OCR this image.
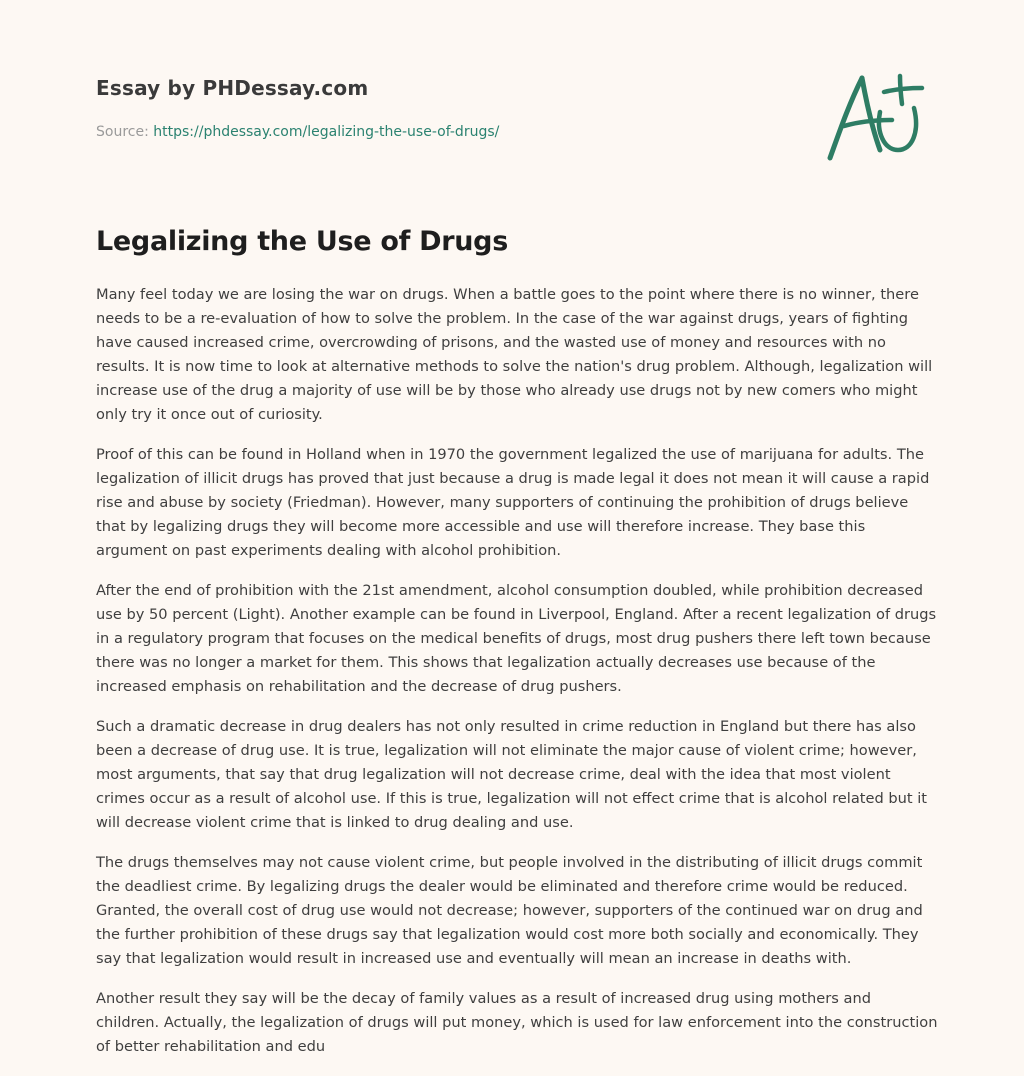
Essay by PHDessay.com

Source: https://phdessay.com/legalizing-the-use-of-drugs/
Legalizing the Use of Drugs

Many feel today we are losing the war on drugs. When a battle goes to the point where there is no winner, there needs to be a re-evaluation of how to solve the problem. In the case of the war against drugs, years of fighting have caused increased crime, overcrowding of prisons, and the wasted use of money and resources with no results. It is now time to look at alternative methods to solve the nation's drug problem. Although, legalization will increase use of the drug a majority of use will be by those who already use drugs not by new comers who might only try it once out of curiosity.

Proof of this can be found in Holland when in 1970 the government legalized the use of marijuana for adults. The legalization of illicit drugs has proved that just because a drug is made legal it does not mean it will cause a rapid rise and abuse by society (Friedman). However, many supporters of continuing the prohibition of drugs believe that by legalizing drugs they will become more accessible and use will therefore increase. They base this argument on past experiments dealing with alcohol prohibition.

After the end of prohibition with the 21st amendment, alcohol consumption doubled, while prohibition decreased use by 50 percent (Light). Another example can be found in Liverpool, England. After a recent legalization of drugs in a regulatory program that focuses on the medical benefits of drugs, most drug pushers there left town because there was no longer a market for them. This shows that legalization actually decreases use because of the increased emphasis on rehabilitation and the decrease of drug pushers.

Such a dramatic decrease in drug dealers has not only resulted in crime reduction in England but there has also been a decrease of drug use. It is true, legalization will not eliminate the major cause of violent crime; however, most arguments, that say that drug legalization will not decrease crime, deal with the idea that most violent crimes occur as a result of alcohol use. If this is true, legalization will not effect crime that is alcohol related but it will decrease violent crime that is linked to drug dealing and use.

The drugs themselves may not cause violent crime, but people involved in the distributing of illicit drugs commit the deadliest crime. By legalizing drugs the dealer would be eliminated and therefore crime would be reduced. Granted, the overall cost of drug use would not decrease; however, supporters of the continued war on drug and the further prohibition of these drugs say that legalization would cost more both socially and economically. They say that legalization would result in increased use and eventually will mean an increase in deaths with.

Another result they say will be the decay of family values as a result of increased drug using mothers and children. Actually, the legalization of drugs will put money, which is used for law enforcement into the construction of better rehabilitation and edu
